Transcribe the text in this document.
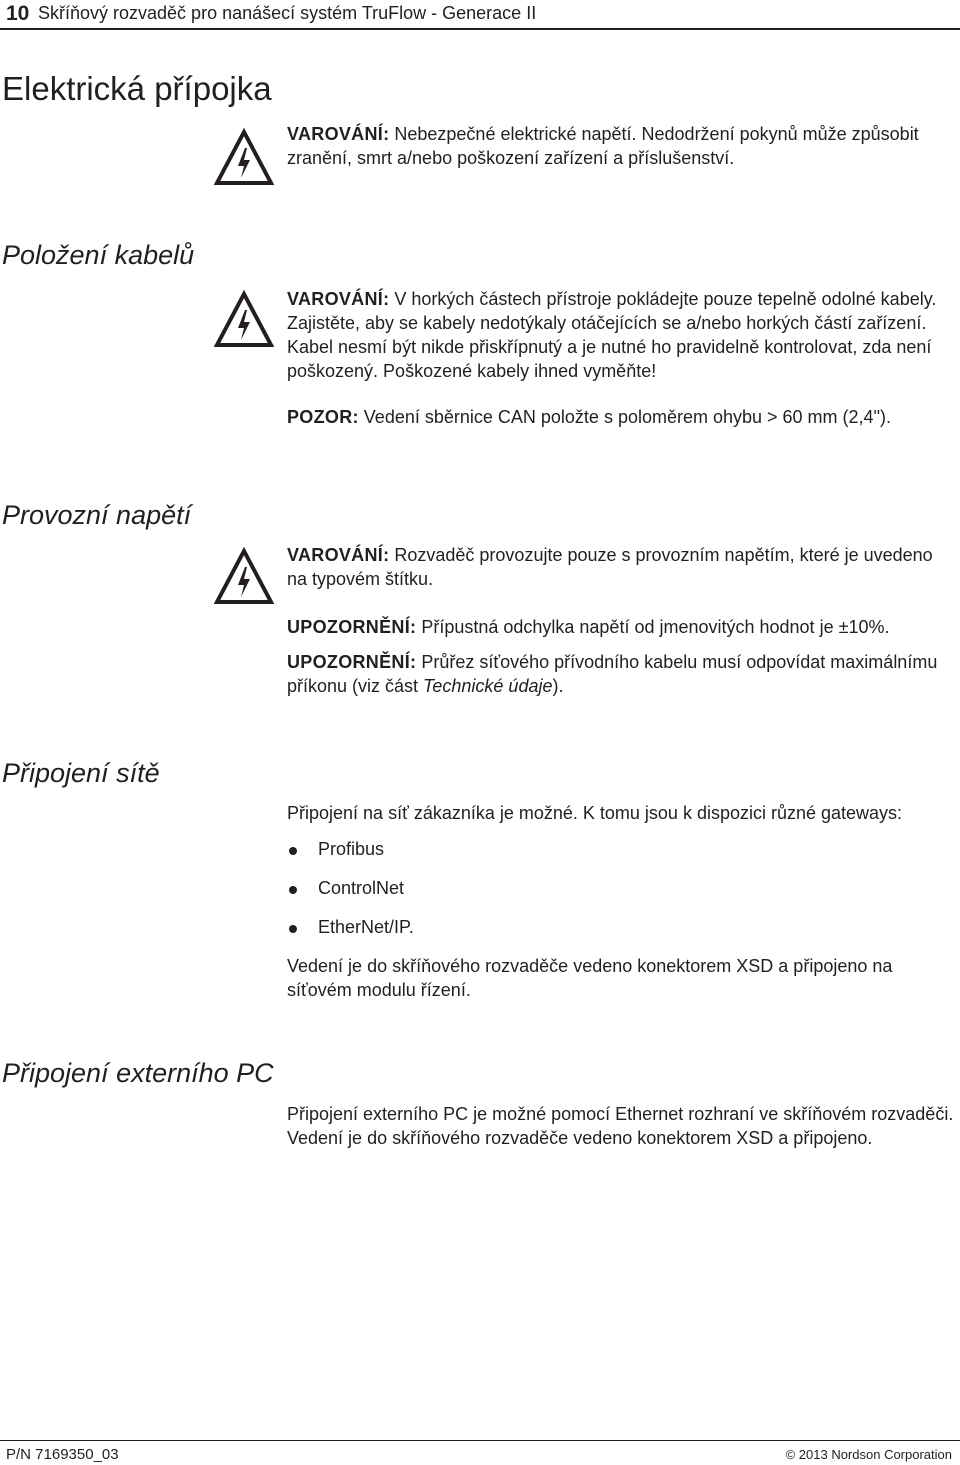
10 Skříňový rozvaděč pro nanášecí systém TruFlow - Generace II
Elektrická přípojka
VAROVÁNÍ: Nebezpečné elektrické napětí. Nedodržení pokynů může způsobit zranění, smrt a/nebo poškození zařízení a příslušenství.
Položení kabelů
VAROVÁNÍ: V horkých částech přístroje pokládejte pouze tepelně odolné kabely. Zajistěte, aby se kabely nedotýkaly otáčejících se a/nebo horkých částí zařízení. Kabel nesmí být nikde přiskřípnutý a je nutné ho pravidelně kontrolovat, zda není poškozený. Poškozené kabely ihned vyměňte!
POZOR: Vedení sběrnice CAN položte s poloměrem ohybu > 60 mm (2,4").
Provozní napětí
VAROVÁNÍ: Rozvaděč provozujte pouze s provozním napětím, které je uvedeno na typovém štítku.
UPOZORNĚNÍ: Přípustná odchylka napětí od jmenovitých hodnot je ±10%.
UPOZORNĚNÍ: Průřez síťového přívodního kabelu musí odpovídat maximálnímu příkonu (viz část Technické údaje).
Připojení sítě
Připojení na síť zákazníka je možné. K tomu jsou k dispozici různé gateways:
Profibus
ControlNet
EtherNet/IP.
Vedení je do skříňového rozvaděče vedeno konektorem XSD a připojeno na síťovém modulu řízení.
Připojení externího PC
Připojení externího PC je možné pomocí Ethernet rozhraní ve skříňovém rozvaděči. Vedení je do skříňového rozvaděče vedeno konektorem XSD a připojeno.
P/N 7169350_03	© 2013 Nordson Corporation
